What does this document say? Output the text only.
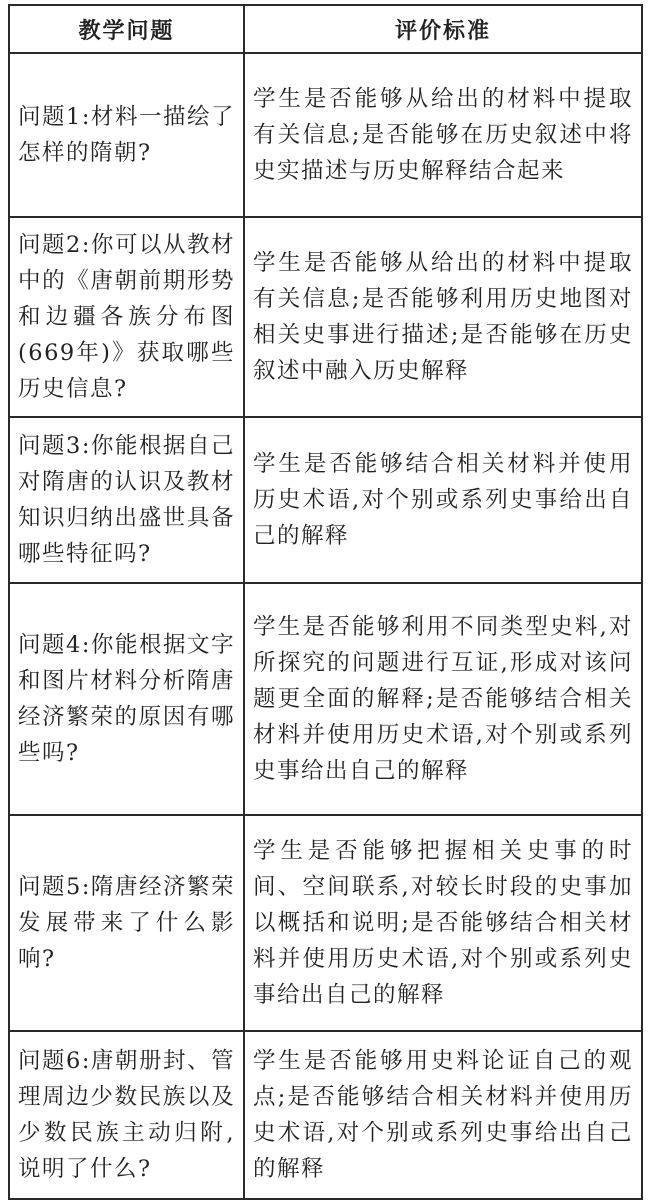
教学问题	评价标准
问题1:材料一描绘了怎样的隋朝?	学生是否能够从给出的材料中提取有关信息;是否能够在历史叙述中将史实描述与历史解释结合起来
问题2:你可以从教材中的《唐朝前期形势和边疆各族分布图(669年)》获取哪些历史信息?	学生是否能够从给出的材料中提取有关信息;是否能够利用历史地图对相关史事进行描述;是否能够在历史叙述中融入历史解释
问题3:你能根据自己对隋唐的认识及教材知识归纳出盛世具备哪些特征吗?	学生是否能够结合相关材料并使用历史术语,对个别或系列史事给出自己的解释
问题4:你能根据文字和图片材料分析隋唐经济繁荣的原因有哪些吗?	学生是否能够利用不同类型史料,对所探究的问题进行互证,形成对该问题更全面的解释;是否能够结合相关材料并使用历史术语,对个别或系列史事给出自己的解释
问题5:隋唐经济繁荣发展带来了什么影响?	学生是否能够把握相关史事的时间、空间联系,对较长时段的史事加以概括和说明;是否能够结合相关材料并使用历史术语,对个别或系列史事给出自己的解释
问题6:唐朝册封、管理周边少数民族以及少数民族主动归附,说明了什么?	学生是否能够用史料论证自己的观点;是否能够结合相关材料并使用历史术语,对个别或系列史事给出自己的解释
